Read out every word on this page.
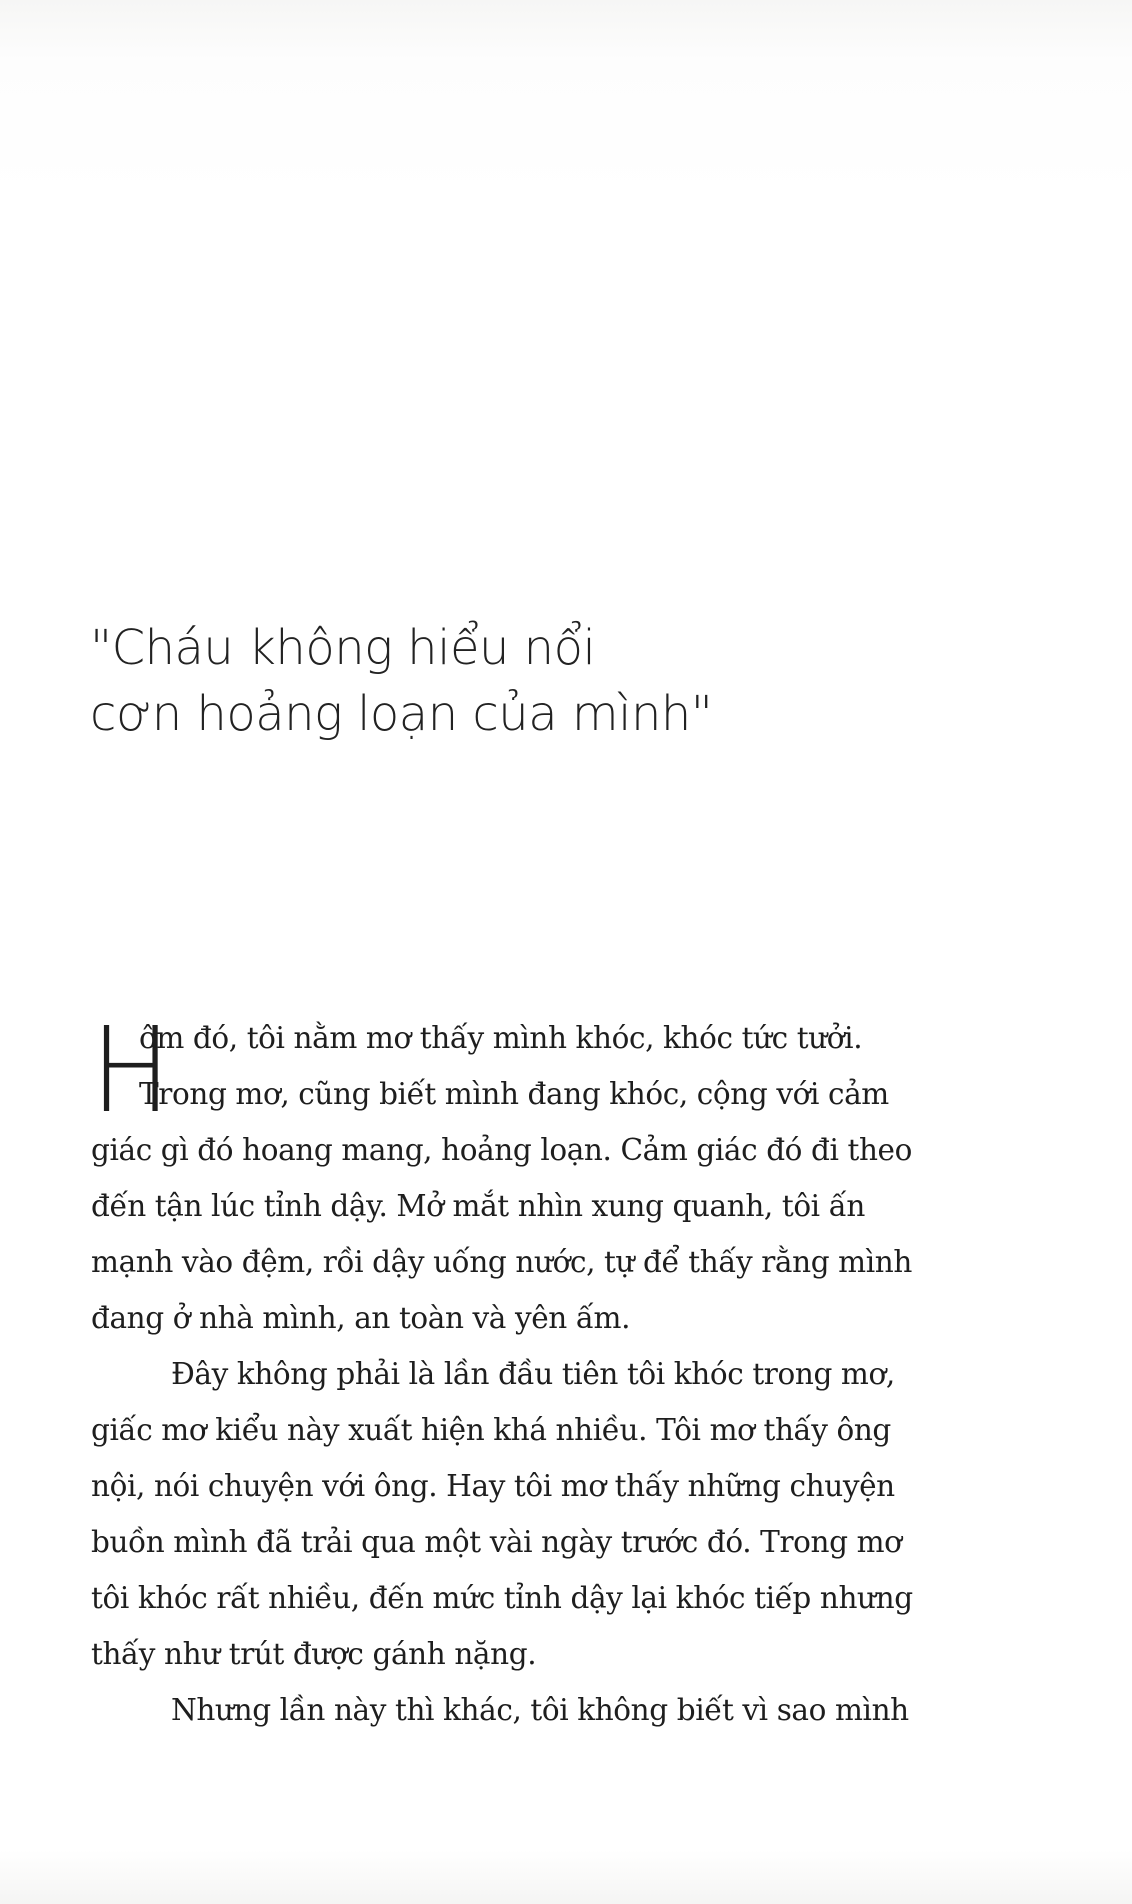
"Cháu không hiểu nổi
cơn hoảng loạn của mình"

H
ôm đó, tôi nằm mơ thấy mình khóc, khóc tức tưởi.
Trong mơ, cũng biết mình đang khóc, cộng với cảm
giác gì đó hoang mang, hoảng loạn. Cảm giác đó đi theo
đến tận lúc tỉnh dậy. Mở mắt nhìn xung quanh, tôi ấn
mạnh vào đệm, rồi dậy uống nước, tự để thấy rằng mình
đang ở nhà mình, an toàn và yên ấm.

Đây không phải là lần đầu tiên tôi khóc trong mơ,
giấc mơ kiểu này xuất hiện khá nhiều. Tôi mơ thấy ông
nội, nói chuyện với ông. Hay tôi mơ thấy những chuyện
buồn mình đã trải qua một vài ngày trước đó. Trong mơ
tôi khóc rất nhiều, đến mức tỉnh dậy lại khóc tiếp nhưng
thấy như trút được gánh nặng.

Nhưng lần này thì khác, tôi không biết vì sao mình
